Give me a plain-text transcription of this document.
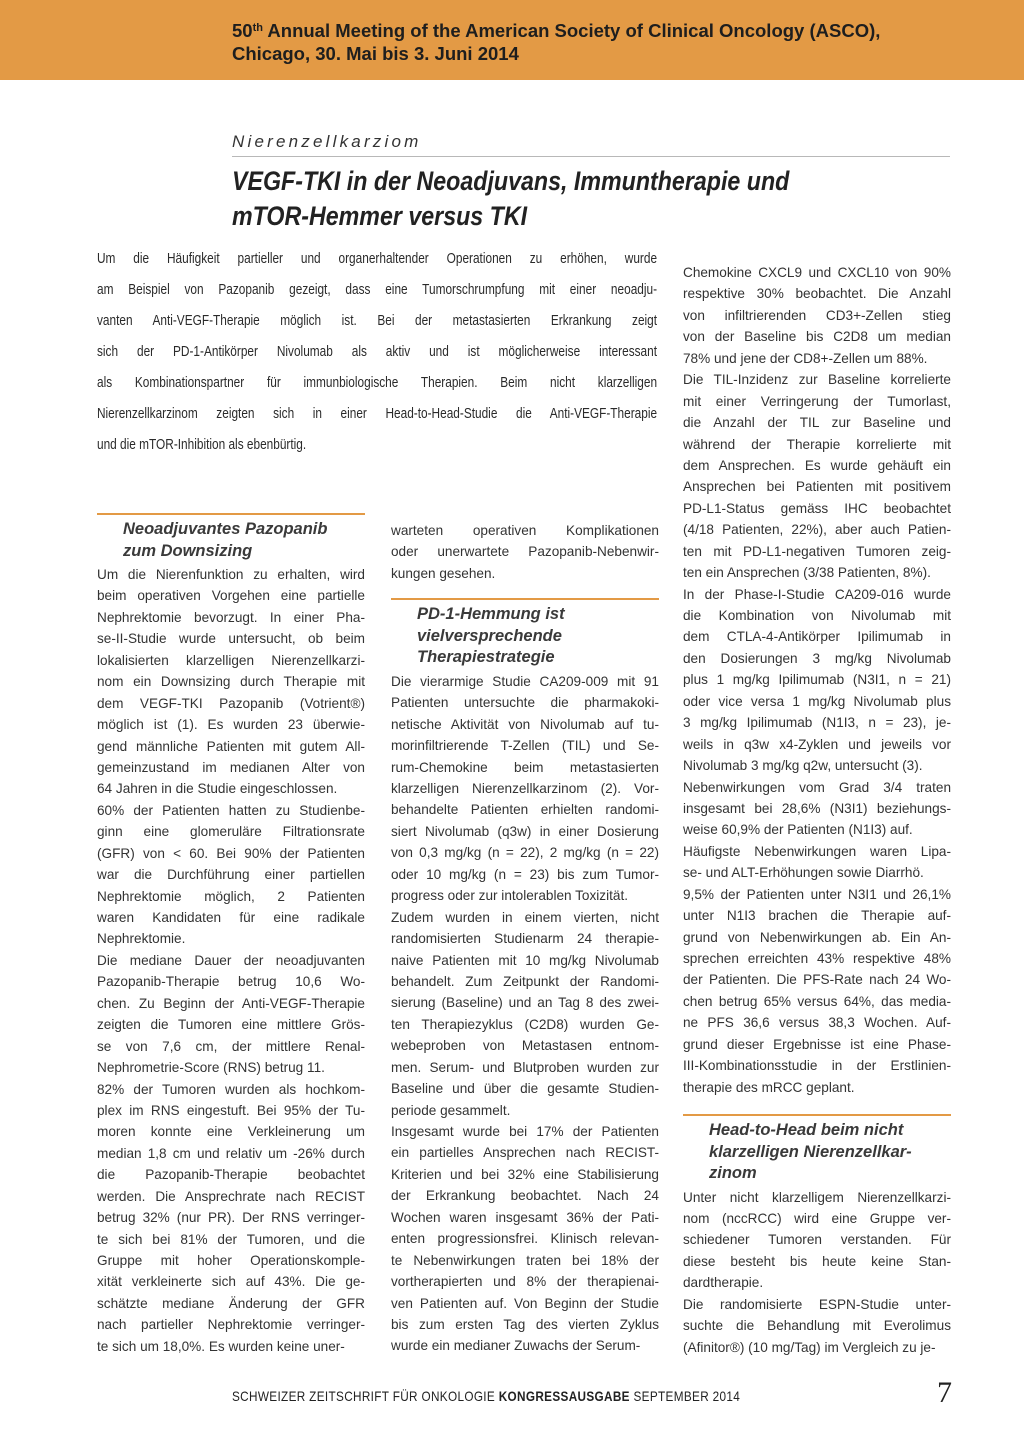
50th Annual Meeting of the American Society of Clinical Oncology (ASCO),
Chicago, 30. Mai bis 3. Juni 2014
Nierenzellkarziom
VEGF-TKI in der Neoadjuvans, Immuntherapie und
mTOR-Hemmer versus TKI
Um die Häufigkeit partieller und organerhaltender Operationen zu erhöhen, wurde
am Beispiel von Pazopanib gezeigt, dass eine Tumorschrumpfung mit einer neoadju-
vanten Anti-VEGF-Therapie möglich ist. Bei der metastasierten Erkrankung zeigt
sich der PD-1-Antikörper Nivolumab als aktiv und ist möglicherweise interessant
als Kombinationspartner für immunbiologische Therapien. Beim nicht klarzelligen
Nierenzellkarzinom zeigten sich in einer Head-to-Head-Studie die Anti-VEGF-Therapie
und die mTOR-Inhibition als ebenbürtig.
Neoadjuvantes Pazopanib
zum Downsizing
Um die Nierenfunktion zu erhalten, wird
beim operativen Vorgehen eine partielle
Nephrektomie bevorzugt. In einer Pha-
se-II-Studie wurde untersucht, ob beim
lokalisierten klarzelligen Nierenzellkarzi-
nom ein Downsizing durch Therapie mit
dem VEGF-TKI Pazopanib (Votrient®)
möglich ist (1). Es wurden 23 überwie-
gend männliche Patienten mit gutem All-
gemeinzustand im medianen Alter von
64 Jahren in die Studie eingeschlossen.
60% der Patienten hatten zu Studienbe-
ginn eine glomeruläre Filtrationsrate
(GFR) von < 60. Bei 90% der Patienten
war die Durchführung einer partiellen
Nephrektomie möglich, 2 Patienten
waren Kandidaten für eine radikale
Nephrektomie.
Die mediane Dauer der neoadjuvanten
Pazopanib-Therapie betrug 10,6 Wo-
chen. Zu Beginn der Anti-VEGF-Therapie
zeigten die Tumoren eine mittlere Grös-
se von 7,6 cm, der mittlere Renal-
Nephrometrie-Score (RNS) betrug 11.
82% der Tumoren wurden als hochkom-
plex im RNS eingestuft. Bei 95% der Tu-
moren konnte eine Verkleinerung um
median 1,8 cm und relativ um -26% durch
die Pazopanib-Therapie beobachtet
werden. Die Ansprechrate nach RECIST
betrug 32% (nur PR). Der RNS verringer-
te sich bei 81% der Tumoren, und die
Gruppe mit hoher Operationskomple-
xität verkleinerte sich auf 43%. Die ge-
schätzte mediane Änderung der GFR
nach partieller Nephrektomie verringer-
te sich um 18,0%. Es wurden keine uner-
warteten operativen Komplikationen
oder unerwartete Pazopanib-Nebenwir-
kungen gesehen.
PD-1-Hemmung ist
vielversprechende
Therapiestrategie
Die vierarmige Studie CA209-009 mit 91
Patienten untersuchte die pharmakoki-
netische Aktivität von Nivolumab auf tu-
morinfiltrierende T-Zellen (TIL) und Se-
rum-Chemokine beim metastasierten
klarzelligen Nierenzellkarzinom (2). Vor-
behandelte Patienten erhielten randomi-
siert Nivolumab (q3w) in einer Dosierung
von 0,3 mg/kg (n = 22), 2 mg/kg (n = 22)
oder 10 mg/kg (n = 23) bis zum Tumor-
progress oder zur intolerablen Toxizität.
Zudem wurden in einem vierten, nicht
randomisierten Studienarm 24 therapie-
naive Patienten mit 10 mg/kg Nivolumab
behandelt. Zum Zeitpunkt der Randomi-
sierung (Baseline) und an Tag 8 des zwei-
ten Therapiezyklus (C2D8) wurden Ge-
webeproben von Metastasen entnom-
men. Serum- und Blutproben wurden zur
Baseline und über die gesamte Studien-
periode gesammelt.
Insgesamt wurde bei 17% der Patienten
ein partielles Ansprechen nach RECIST-
Kriterien und bei 32% eine Stabilisierung
der Erkrankung beobachtet. Nach 24
Wochen waren insgesamt 36% der Pati-
enten progressionsfrei. Klinisch relevan-
te Nebenwirkungen traten bei 18% der
vortherapierten und 8% der therapienai-
ven Patienten auf. Von Beginn der Studie
bis zum ersten Tag des vierten Zyklus
wurde ein medianer Zuwachs der Serum-
Chemokine CXCL9 und CXCL10 von 90%
respektive 30% beobachtet. Die Anzahl
von infiltrierenden CD3+-Zellen stieg
von der Baseline bis C2D8 um median
78% und jene der CD8+-Zellen um 88%.
Die TIL-Inzidenz zur Baseline korrelierte
mit einer Verringerung der Tumorlast,
die Anzahl der TIL zur Baseline und
während der Therapie korrelierte mit
dem Ansprechen. Es wurde gehäuft ein
Ansprechen bei Patienten mit positivem
PD-L1-Status gemäss IHC beobachtet
(4/18 Patienten, 22%), aber auch Patien-
ten mit PD-L1-negativen Tumoren zeig-
ten ein Ansprechen (3/38 Patienten, 8%).
In der Phase-I-Studie CA209-016 wurde
die Kombination von Nivolumab mit
dem CTLA-4-Antikörper Ipilimumab in
den Dosierungen 3 mg/kg Nivolumab
plus 1 mg/kg Ipilimumab (N3I1, n = 21)
oder vice versa 1 mg/kg Nivolumab plus
3 mg/kg Ipilimumab (N1I3, n = 23), je-
weils in q3w x4-Zyklen und jeweils vor
Nivolumab 3 mg/kg q2w, untersucht (3).
Nebenwirkungen vom Grad 3/4 traten
insgesamt bei 28,6% (N3I1) beziehungs-
weise 60,9% der Patienten (N1I3) auf.
Häufigste Nebenwirkungen waren Lipa-
se- und ALT-Erhöhungen sowie Diarrhö.
9,5% der Patienten unter N3I1 und 26,1%
unter N1I3 brachen die Therapie auf-
grund von Nebenwirkungen ab. Ein An-
sprechen erreichten 43% respektive 48%
der Patienten. Die PFS-Rate nach 24 Wo-
chen betrug 65% versus 64%, das media-
ne PFS 36,6 versus 38,3 Wochen. Auf-
grund dieser Ergebnisse ist eine Phase-
III-Kombinationsstudie in der Erstlinien-
therapie des mRCC geplant.
Head-to-Head beim nicht
klarzelligen Nierenzellkar-
zinom
Unter nicht klarzelligem Nierenzellkarzi-
nom (nccRCC) wird eine Gruppe ver-
schiedener Tumoren verstanden. Für
diese besteht bis heute keine Stan-
dardtherapie.
Die randomisierte ESPN-Studie unter-
suchte die Behandlung mit Everolimus
(Afinitor®) (10 mg/Tag) im Vergleich zu je-
SCHWEIZER ZEITSCHRIFT FÜR ONKOLOGIE KONGRESSAUSGABE SEPTEMBER 2014	7
